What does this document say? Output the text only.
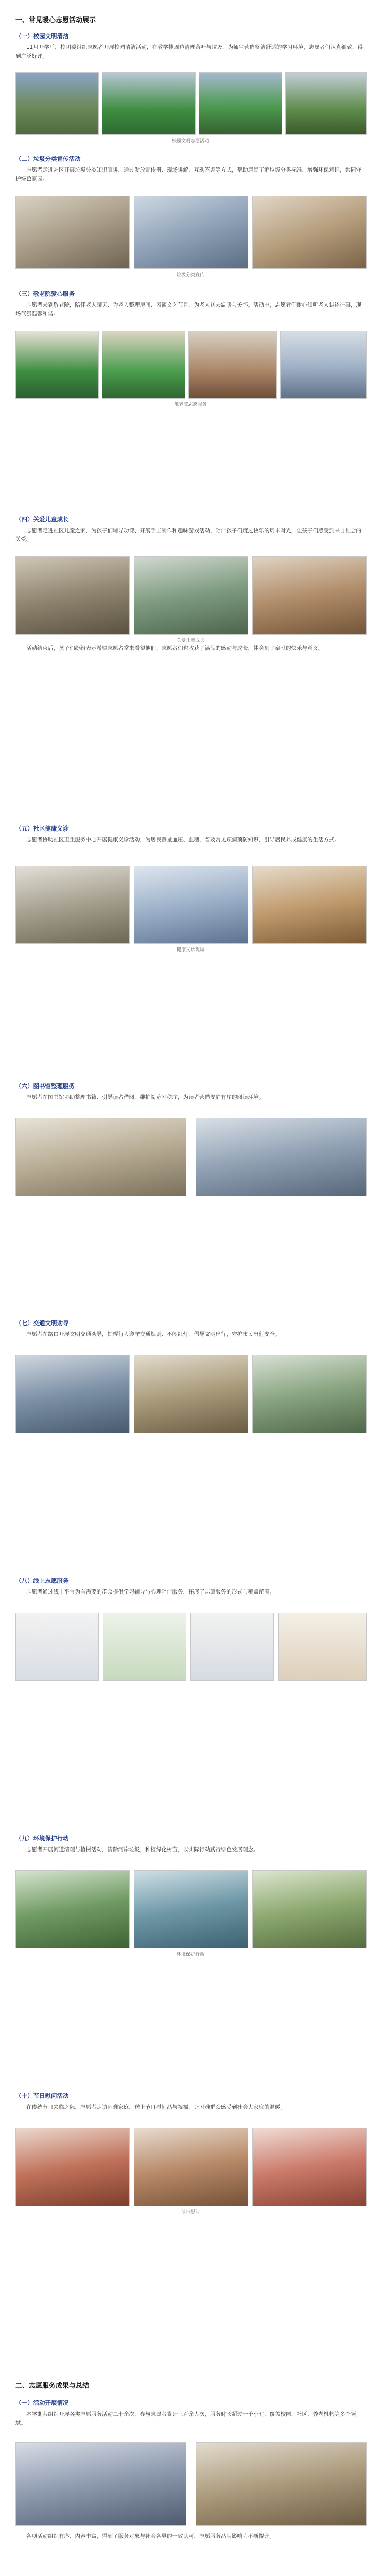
一、常见暖心志愿活动展示
（一）校园文明清洁
11月开学后，校团委组织志愿者开展校园清洁活动，在教学楼周边清理落叶与垃圾，为师生营造整洁舒适的学习环境，志愿者们认真细致，得到广泛好评。
校园文明志愿活动
（二）垃圾分类宣传活动
志愿者走进社区开展垃圾分类知识宣讲，通过发放宣传册、现场讲解、互动答题等方式，帮助居民了解垃圾分类标准，增强环保意识，共同守护绿色家园。
垃圾分类宣传
（三）敬老院爱心服务
志愿者来到敬老院，陪伴老人聊天、为老人整理房间、表演文艺节目，为老人送去温暖与关怀。活动中，志愿者们耐心倾听老人讲述往事，现场气氛温馨和谐。
敬老院志愿服务
（四）关爱儿童成长
志愿者走进社区儿童之家，为孩子们辅导功课、开展手工制作和趣味游戏活动，陪伴孩子们度过快乐的周末时光，让孩子们感受到来自社会的关爱。
活动结束后，孩子们纷纷表示希望志愿者常来看望他们，志愿者们也收获了满满的感动与成长，体会到了奉献的快乐与意义。
关爱儿童成长
（五）社区健康义诊
志愿者协助社区卫生服务中心开展健康义诊活动，为居民测量血压、血糖，普及常见疾病预防知识，引导居民养成健康的生活方式。
健康义诊现场
（六）图书馆整理服务
志愿者在图书馆协助整理书籍、引导读者借阅，维护阅览室秩序，为读者营造安静有序的阅读环境。
（七）交通文明劝导
志愿者在路口开展文明交通劝导，提醒行人遵守交通规则、不闯红灯，倡导文明出行，守护市民出行安全。
（八）线上志愿服务
志愿者通过线上平台为有需要的群众提供学习辅导与心理陪伴服务，拓展了志愿服务的形式与覆盖范围。
（九）环境保护行动
志愿者开展河道清理与植树活动，清除河岸垃圾，种植绿化树苗，以实际行动践行绿色发展理念。
环境保护行动
（十）节日慰问活动
在传统节日来临之际，志愿者走访困难家庭，送上节日慰问品与祝福，让困难群众感受到社会大家庭的温暖。
节日慰问
二、志愿服务成果与总结
（一）活动开展情况
本学期共组织开展各类志愿服务活动二十余次，参与志愿者累计三百余人次，服务时长超过一千小时，覆盖校园、社区、养老机构等多个领域。
各项活动组织有序、内容丰富，得到了服务对象与社会各界的一致认可，志愿服务品牌影响力不断提升。
